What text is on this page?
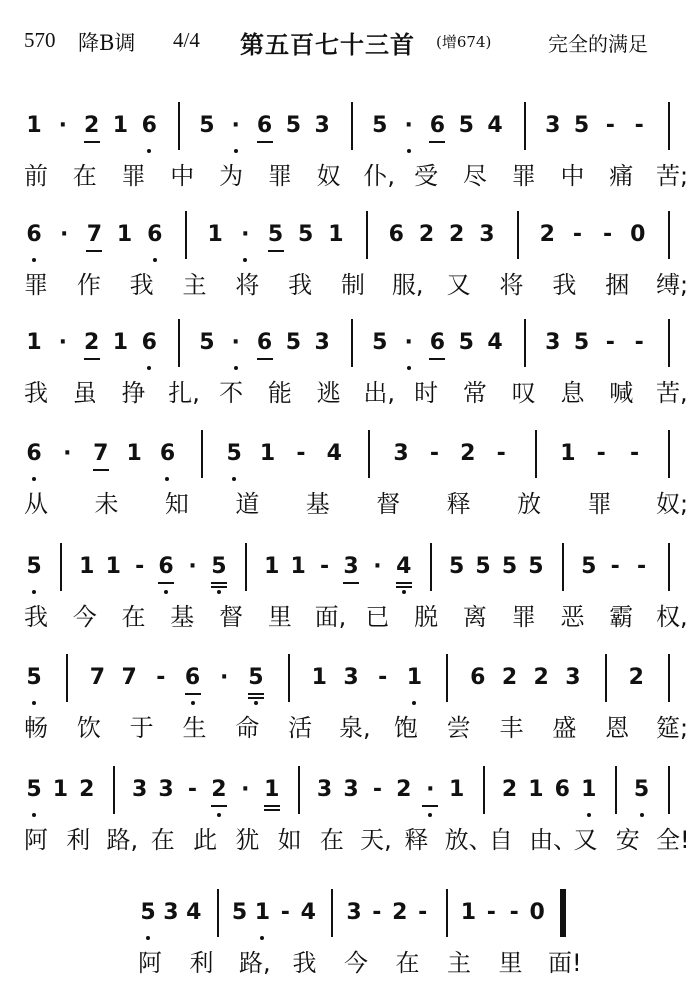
570 降B调 4/4 第五百七十三首 (增674)	完全的满足
1 · 2 1 6 5 · 6 5 3 5 · 6 5 4 3 5 - -
前 在 罪 中 为 罪 奴 仆, 受 尽 罪 中 痛 苦;
6 · 7 1 6 1 · 5 5 1 6 2 2 3 2 - - 0
罪 作 我 主 将 我 制 服, 又 将 我 捆 缚;
1 · 2 1 6 5 · 6 5 3 5 · 6 5 4 3 5 - -
我 虽 挣 扎, 不 能 逃 出, 时 常 叹 息 喊 苦,
6 · 7 1 6 5 1 - 4 3 - 2 - 1 - -
从 未 知 道 基 督 释 放 罪 奴;
5 1 1 - 6 · 5 1 1 - 3 · 4 5 5 5 5 5 - -
我 今 在 基 督 里 面, 已 脱 离 罪 恶 霸 权,
5 7 7 - 6 · 5 1 3 - 1 6 2 2 3 2
畅 饮 于 生 命 活 泉, 饱 尝 丰 盛 恩 筵;
5 1 2 3 3 - 2 · 1 3 3 - 2 · 1 2 1 6 1 5
阿 利 路, 在 此 犹 如 在 天, 释 放、
自 由、
又 安 全!
5 3 4 5 1 - 4 3 - 2 - 1 - - 0
阿 利 路, 我 今 在 主 里 面!
